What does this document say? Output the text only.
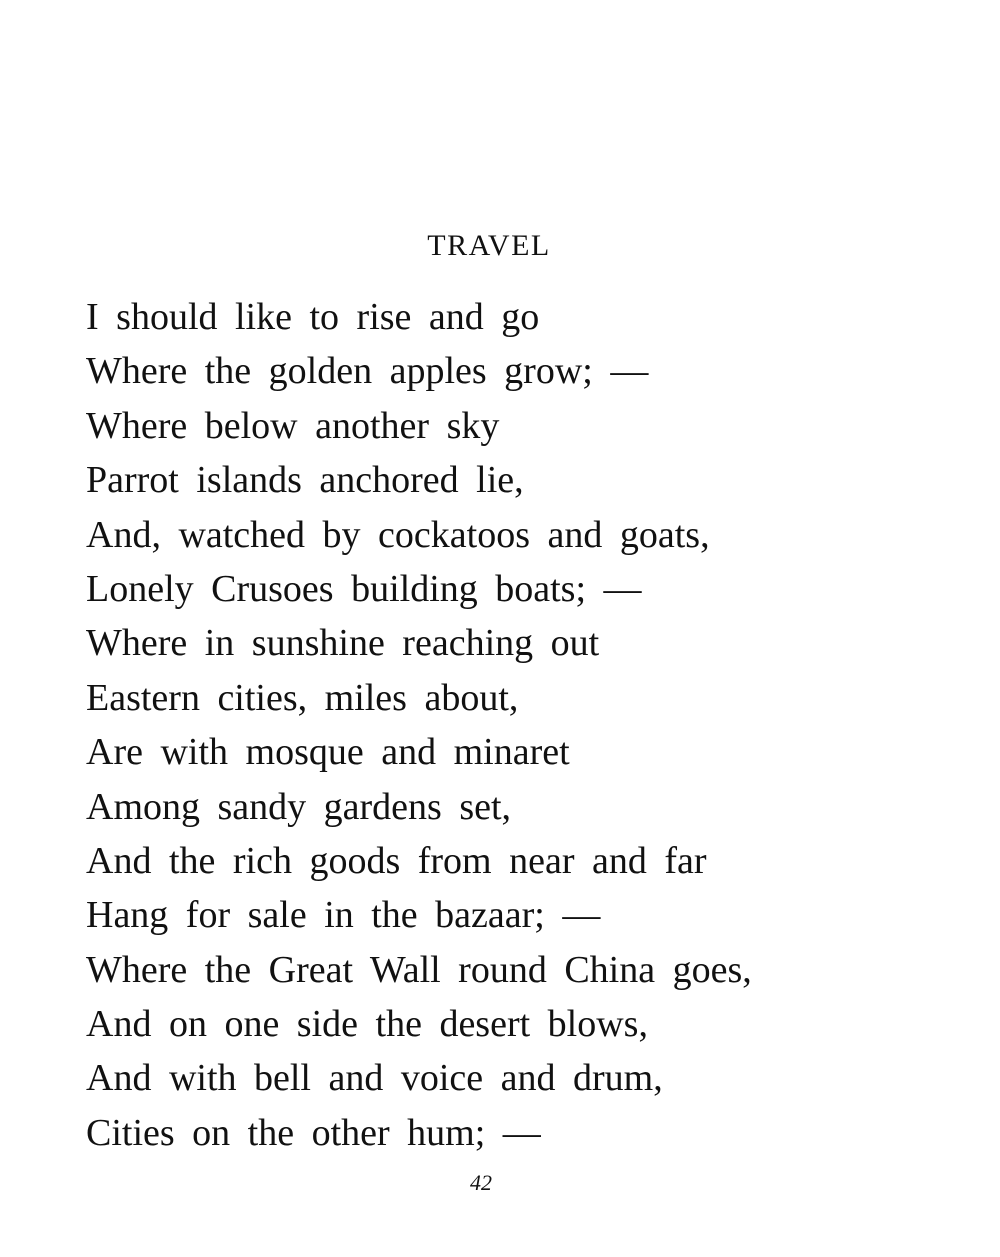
TRAVEL
I should like to rise and go
Where the golden apples grow; —
Where below another sky
Parrot islands anchored lie,
And, watched by cockatoos and goats,
Lonely Crusoes building boats; —
Where in sunshine reaching out
Eastern cities, miles about,
Are with mosque and minaret
Among sandy gardens set,
And the rich goods from near and far
Hang for sale in the bazaar; —
Where the Great Wall round China goes,
And on one side the desert blows,
And with bell and voice and drum,
Cities on the other hum; —
42
